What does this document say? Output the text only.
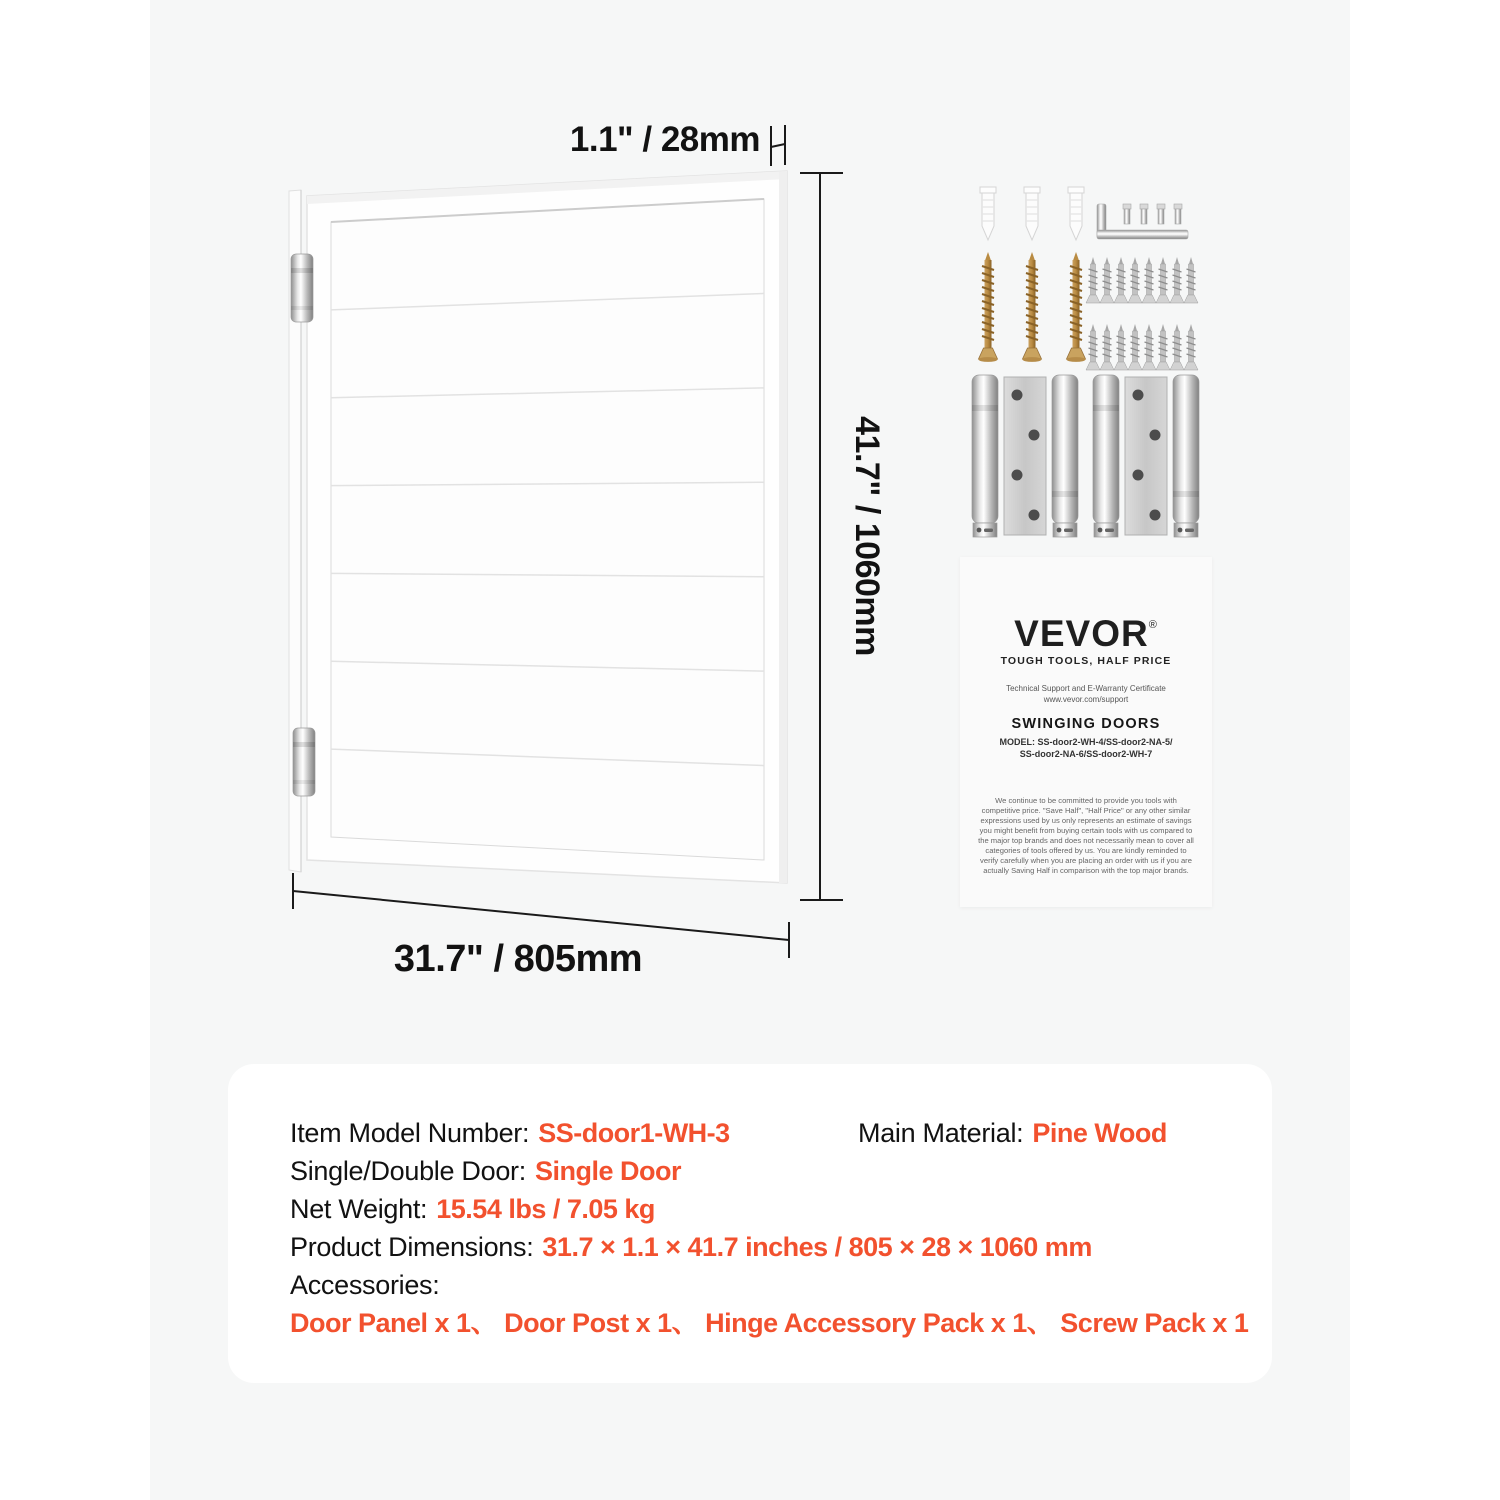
1.1" / 28mm
41.7" / 1060mm
31.7" / 805mm
VEVOR®
TOUGH TOOLS, HALF PRICE
Technical Support and E-Warranty Certificate
www.vevor.com/support
SWINGING DOORS
MODEL: SS-door2-WH-4/SS-door2-NA-5/
SS-door2-NA-6/SS-door2-WH-7
We continue to be committed to provide you tools with competitive price. "Save Half", "Half Price" or any other similar expressions used by us only represents an estimate of savings you might benefit from buying certain tools with us compared to the major top brands and does not necessarily mean to cover all categories of tools offered by us. You are kindly reminded to verify carefully when you are placing an order with us if you are actually Saving Half in comparison with the top major brands.
Item Model Number: SS-door1-WH-3	Main Material: Pine Wood
Single/Double Door: Single Door
Net Weight: 15.54 lbs / 7.05 kg
Product Dimensions: 31.7 × 1.1 × 41.7 inches / 805 × 28 × 1060 mm
Accessories:
Door Panel x 1、 Door Post x 1、 Hinge Accessory Pack x 1、 Screw Pack x 1
